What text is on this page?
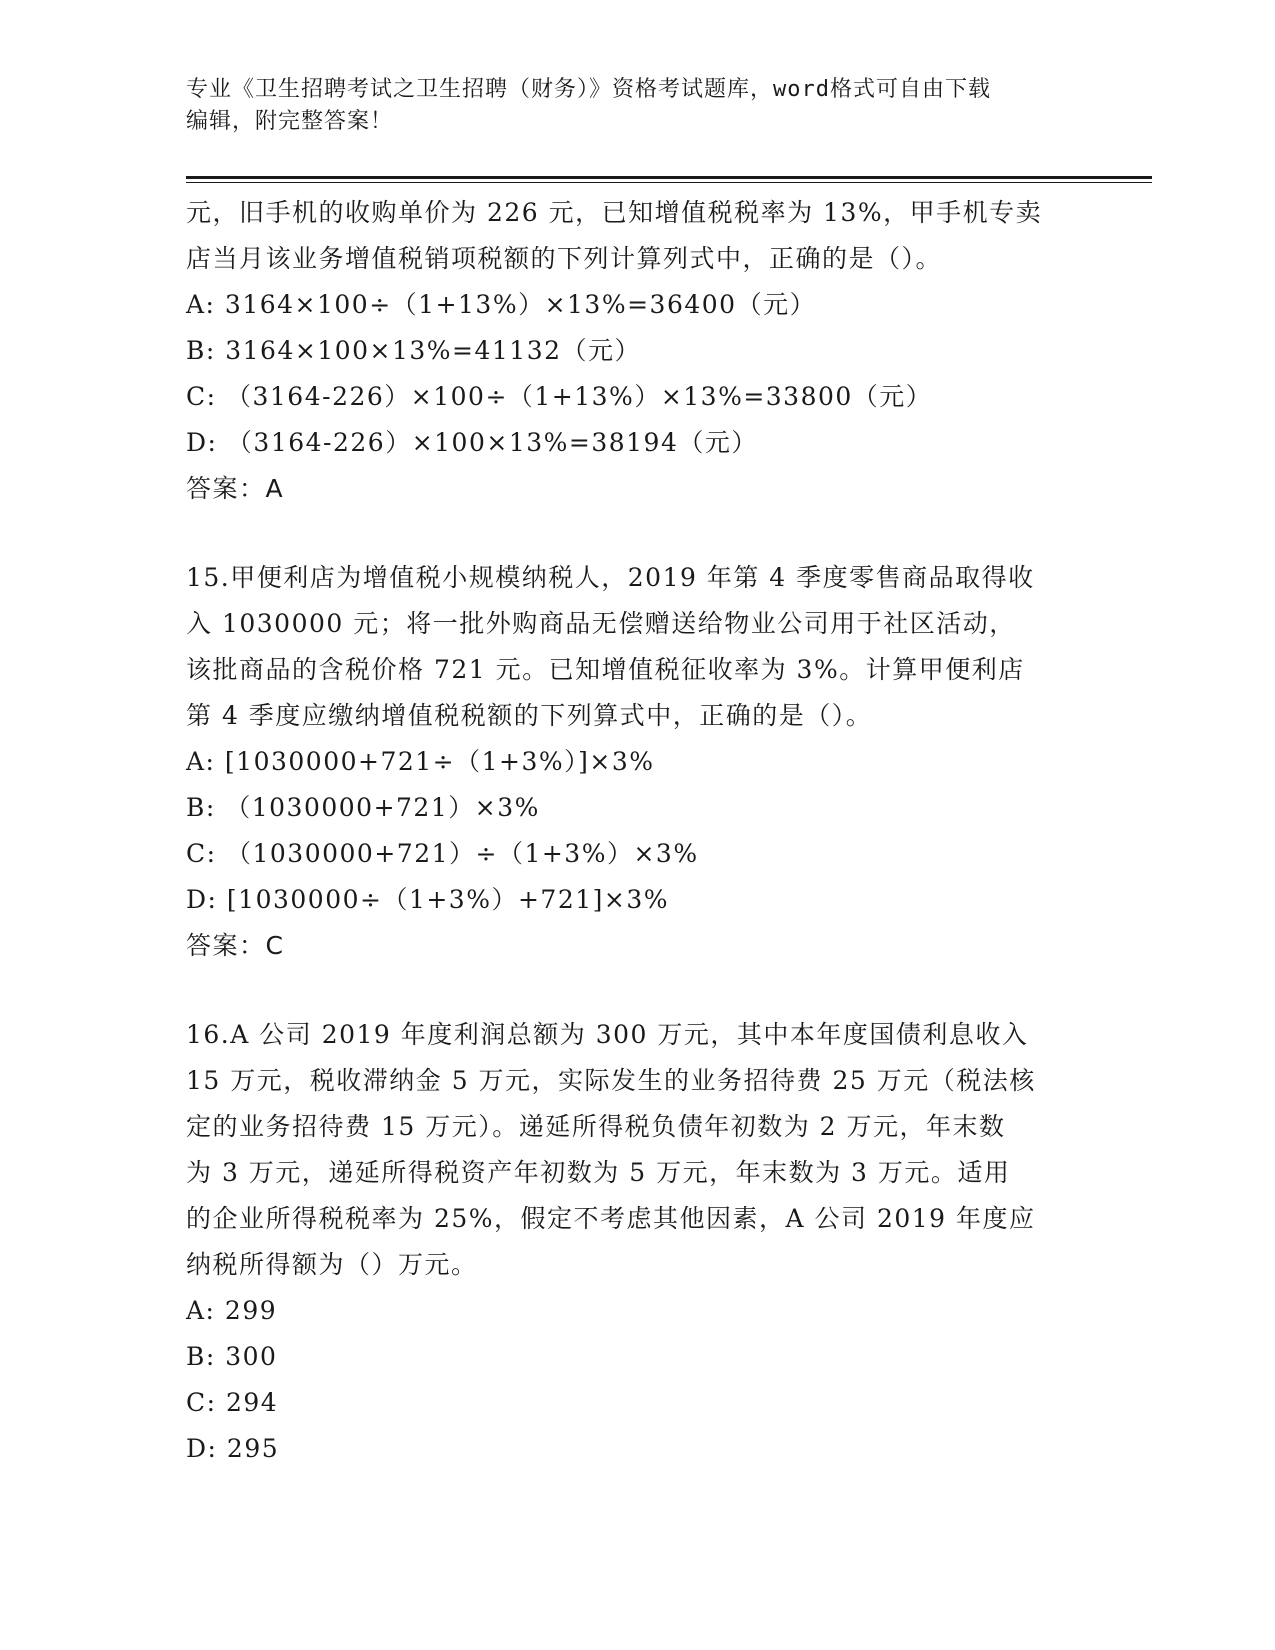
专业《卫生招聘考试之卫生招聘（财务）》资格考试题库，word格式可自由下载
编辑，附完整答案！
元，旧手机的收购单价为 226 元，已知增值税税率为 13%，甲手机专卖
店当月该业务增值税销项税额的下列计算列式中，正确的是（）。
A: 3164×100÷（1+13%）×13%=36400（元）
B: 3164×100×13%=41132（元）
C: （3164-226）×100÷（1+13%）×13%=33800（元）
D: （3164-226）×100×13%=38194（元）
答案：A
15.甲便利店为增值税小规模纳税人，2019 年第 4 季度零售商品取得收
入 1030000 元；将一批外购商品无偿赠送给物业公司用于社区活动，
该批商品的含税价格 721 元。已知增值税征收率为 3%。计算甲便利店
第 4 季度应缴纳增值税税额的下列算式中，正确的是（）。
A: [1030000+721÷（1+3%）]×3%
B: （1030000+721）×3%
C: （1030000+721）÷（1+3%）×3%
D: [1030000÷（1+3%）+721]×3%
答案：C
16.A 公司 2019 年度利润总额为 300 万元，其中本年度国债利息收入
15 万元，税收滞纳金 5 万元，实际发生的业务招待费 25 万元（税法核
定的业务招待费 15 万元）。递延所得税负债年初数为 2 万元，年末数
为 3 万元，递延所得税资产年初数为 5 万元，年末数为 3 万元。适用
的企业所得税税率为 25%，假定不考虑其他因素，A 公司 2019 年度应
纳税所得额为（）万元。
A: 299
B: 300
C: 294
D: 295
